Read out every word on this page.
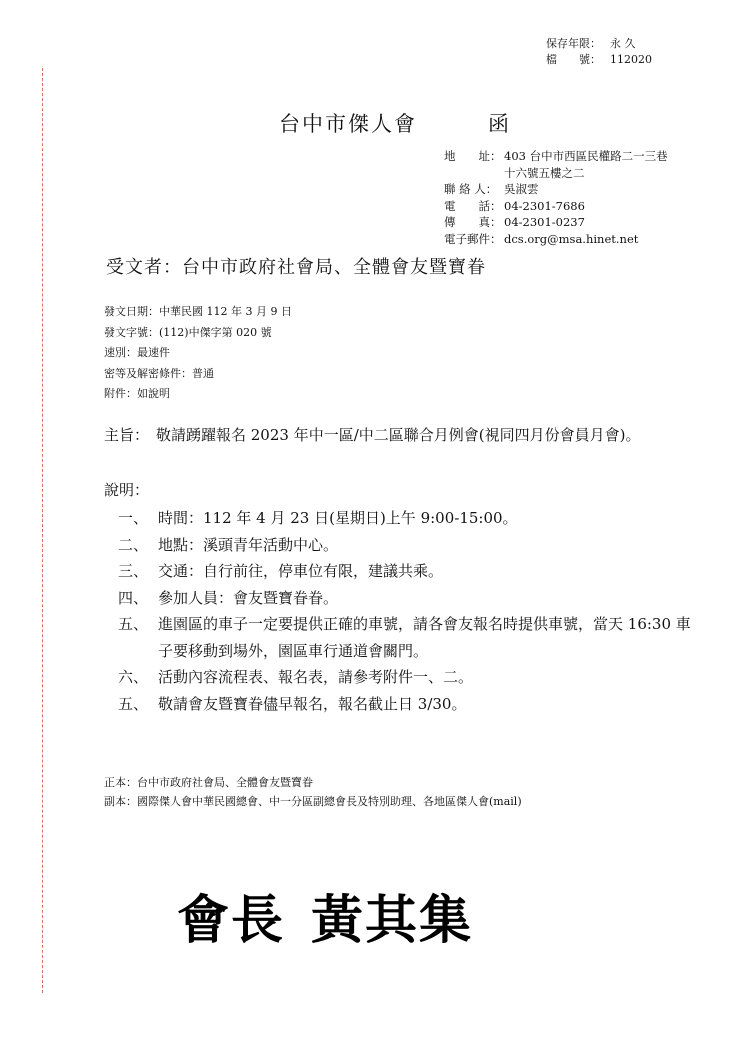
保存年限： 永 久
檔　　號： 112020
台中市傑人會	函
地　　址： 403 台中市西區民權路二一三巷
十六號五樓之二
聯 絡 人： 吳淑雲
電　　話： 04-2301-7686
傳　　真： 04-2301-0237
電子郵件： dcs.org@msa.hinet.net
受文者：台中市政府社會局、全體會友暨寶眷
發文日期：中華民國 112 年 3 月 9 日
發文字號：(112)中傑字第 020 號
速別：最速件
密等及解密條件：普通
附件：如說明
主旨： 敬請踴躍報名 2023 年中一區/中二區聯合月例會(視同四月份會員月會)。
說明：
一、 時間：112 年 4 月 23 日(星期日)上午 9:00-15:00。
二、 地點：溪頭青年活動中心。
三、 交通：自行前往，停車位有限，建議共乘。
四、 參加人員：會友暨寶眷眷。
五、 進園區的車子一定要提供正確的車號，請各會友報名時提供車號，當天 16:30 車子要移動到場外，園區車行通道會關門。
六、 活動內容流程表、報名表，請參考附件一、二。
五、 敬請會友暨寶眷儘早報名，報名截止日 3/30。
正本：台中市政府社會局、全體會友暨寶眷
副本：國際傑人會中華民國總會、中一分區副總會長及特別助理、各地區傑人會(mail)
會長 黃其集
